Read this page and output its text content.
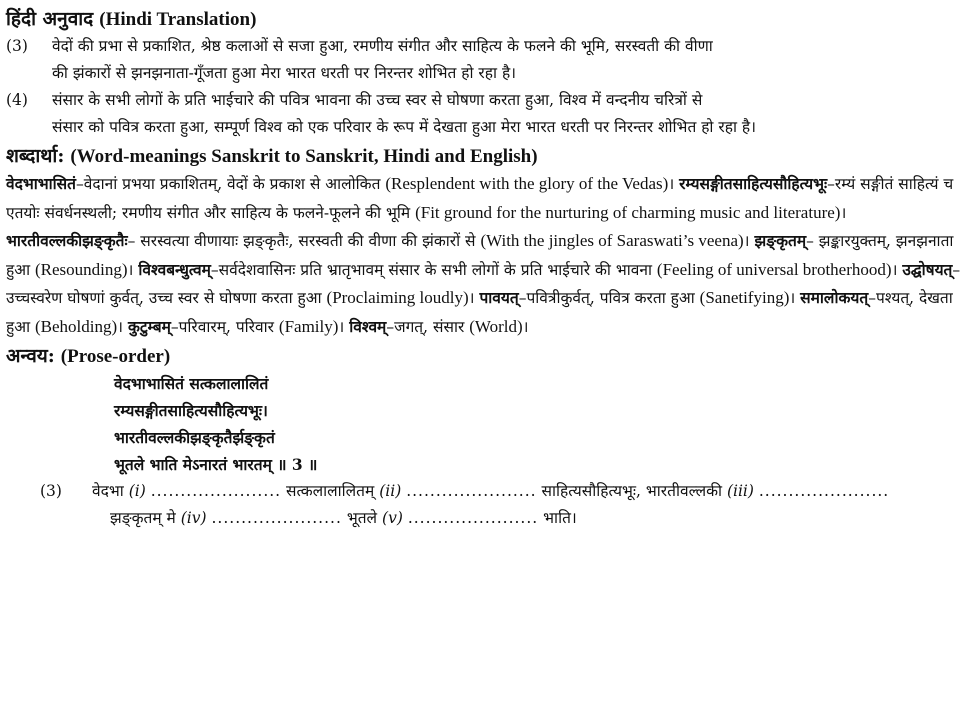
हिंदी अनुवाद (Hindi Translation)
(3)	वेदों की प्रभा से प्रकाशित, श्रेष्ठ कलाओं से सजा हुआ, रमणीय संगीत और साहित्य के फलने की भूमि, सरस्वती की वीणा
की झंकारों से झनझनाता-गूँजता हुआ मेरा भारत धरती पर निरन्तर शोभित हो रहा है।
(4)	संसार के सभी लोगों के प्रति भाईचारे की पवित्र भावना की उच्च स्वर से घोषणा करता हुआ, विश्व में वन्दनीय चरित्रों से
संसार को पवित्र करता हुआ, सम्पूर्ण विश्व को एक परिवार के रूप में देखता हुआ मेरा भारत धरती पर निरन्तर शोभित हो रहा है।
शब्दार्था: (Word-meanings Sanskrit to Sanskrit, Hindi and English)
वेदभाभासितं–वेदानां प्रभया प्रकाशितम्, वेदों के प्रकाश से आलोकित (Resplendent with the glory of the Vedas)। रम्यसङ्गीतसाहित्यसौहित्यभूः–रम्यं सङ्गीतं साहित्यं च एतयोः संवर्धनस्थली; रमणीय संगीत और साहित्य के फलने-फूलने की भूमि (Fit ground for the nurturing of charming music and literature)। भारतीवल्लकीझङ्कृतैः– सरस्वत्या वीणायाः झङ्कृतैः, सरस्वती की वीणा की झंकारों से (With the jingles of Saraswati’s veena)। झङ्कृतम्– झङ्कारयुक्तम्, झनझनाता हुआ (Resounding)। विश्वबन्धुत्वम्–सर्वदेशवासिनः प्रति भ्रातृभावम् संसार के सभी लोगों के प्रति भाईचारे की भावना (Feeling of universal brotherhood)। उद्घोषयत्–उच्चस्वरेण घोषणां कुर्वत्, उच्च स्वर से घोषणा करता हुआ (Proclaiming loudly)। पावयत्–पवित्रीकुर्वत्, पवित्र करता हुआ (Sanetifying)। समालोकयत्–पश्यत्, देखता हुआ (Beholding)। कुटुम्बम्–परिवारम्, परिवार (Family)। विश्वम्–जगत्, संसार (World)।
अन्वय: (Prose-order)
वेदभाभासितं सत्कलालालितं
रम्यसङ्गीतसाहित्यसौहित्यभूः।
भारतीवल्लकीझङ्कृतैर्झङ्कृतं
भूतले भाति मेऽनारतं भारतम् ॥ 3 ॥
(3)	वेदभा (i) ...................... सत्कलालालितम् (ii) ...................... साहित्यसौहित्यभूः, भारतीवल्लकी (iii) ......................
झङ्कृतम् मे (iv) ...................... भूतले (v) ...................... भाति।
